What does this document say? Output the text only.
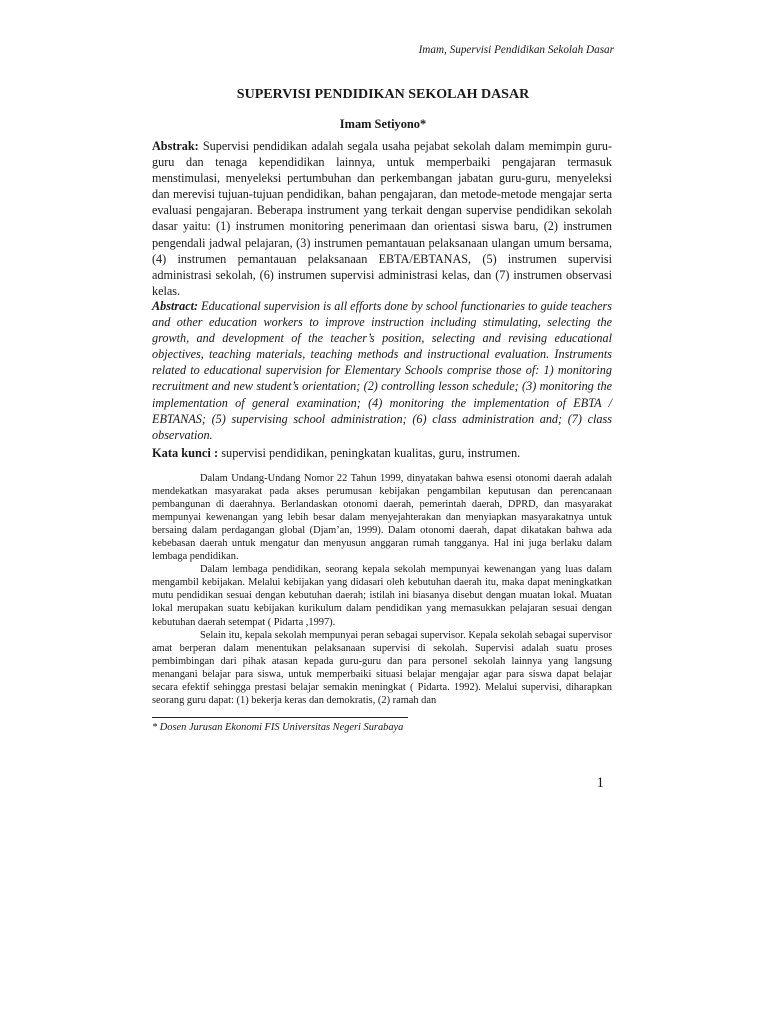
Imam, Supervisi Pendidikan Sekolah Dasar
SUPERVISI PENDIDIKAN SEKOLAH DASAR
Imam Setiyono*
Abstrak: Supervisi pendidikan adalah segala usaha pejabat sekolah dalam memimpin guru-guru dan tenaga kependidikan lainnya, untuk memperbaiki pengajaran termasuk menstimulasi, menyeleksi pertumbuhan dan perkembangan jabatan guru-guru, menyeleksi dan merevisi tujuan-tujuan pendidikan, bahan pengajaran, dan metode-metode mengajar serta evaluasi pengajaran. Beberapa instrument yang terkait dengan supervise pendidikan sekolah dasar yaitu: (1) instrumen monitoring penerimaan dan orientasi siswa baru, (2) instrumen pengendali jadwal pelajaran, (3) instrumen pemantauan pelaksanaan ulangan umum bersama, (4) instrumen pemantauan pelaksanaan EBTA/EBTANAS, (5) instrumen supervisi administrasi sekolah, (6) instrumen supervisi administrasi kelas, dan (7) instrumen observasi kelas.
Abstract: Educational supervision is all efforts done by school functionaries to guide teachers and other education workers to improve instruction including stimulating, selecting the growth, and development of the teacher’s position, selecting and revising educational objectives, teaching materials, teaching methods and instructional evaluation. Instruments related to educational supervision for Elementary Schools comprise those of: 1) monitoring recruitment and new student’s orientation; (2) controlling lesson schedule; (3) monitoring the implementation of general examination; (4) monitoring the implementation of EBTA / EBTANAS; (5) supervising school administration; (6) class administration and; (7) class observation.
Kata kunci : supervisi pendidikan, peningkatan kualitas, guru, instrumen.

Dalam Undang-Undang Nomor 22 Tahun 1999, dinyatakan bahwa esensi otonomi daerah adalah mendekatkan masyarakat pada akses perumusan kebijakan pengambilan keputusan dan perencanaan pembangunan di daerahnya. Berlandaskan otonomi daerah, pemerintah daerah, DPRD, dan masyarakat mempunyai kewenangan yang lebih besar dalam menyejahterakan dan menyiapkan masyarakatnya untuk bersaing dalam perdagangan global (Djam’an, 1999). Dalam otonomi daerah, dapat dikatakan bahwa ada kebebasan daerah untuk mengatur dan menyusun anggaran rumah tangganya. Hal ini juga berlaku dalam lembaga pendidikan.

Dalam lembaga pendidikan, seorang kepala sekolah mempunyai kewenangan yang luas dalam mengambil kebijakan. Melalui kebijakan yang didasari oleh kebutuhan daerah itu, maka dapat meningkatkan mutu pendidikan sesuai dengan kebutuhan daerah; istilah ini biasanya disebut dengan muatan lokal. Muatan lokal merupakan suatu kebijakan kurikulum dalam pendidikan yang memasukkan pelajaran sesuai dengan kebutuhan daerah setempat ( Pidarta ,1997).

Selain itu, kepala sekolah mempunyai peran sebagai supervisor. Kepala sekolah sebagai supervisor amat berperan dalam menentukan pelaksanaan supervisi di sekolah. Supervisi adalah suatu proses pembimbingan dari pihak atasan kepada guru-guru dan para personel sekolah lainnya yang langsung menangani belajar para siswa, untuk memperbaiki situasi belajar mengajar agar para siswa dapat belajar secara efektif sehingga prestasi belajar semakin meningkat ( Pidarta. 1992). Melalui supervisi, diharapkan seorang guru dapat: (1) bekerja keras dan demokratis, (2) ramah dan

* Dosen Jurusan Ekonomi FIS Universitas Negeri Surabaya
1
